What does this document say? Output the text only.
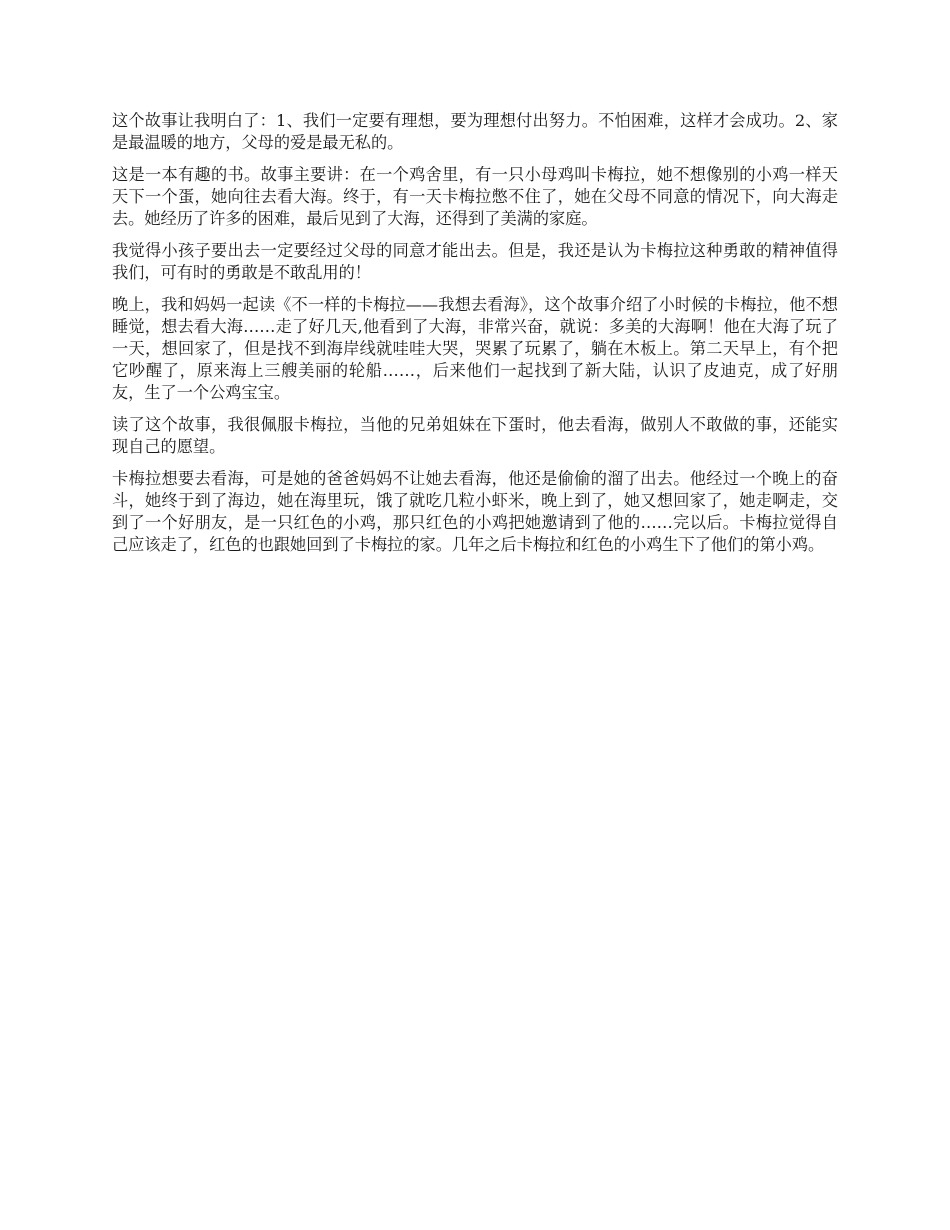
这个故事让我明白了：1、我们一定要有理想，要为理想付出努力。不怕困难，这样才会成功。2、家是最温暖的地方，父母的爱是最无私的。

这是一本有趣的书。故事主要讲：在一个鸡舍里，有一只小母鸡叫卡梅拉，她不想像别的小鸡一样天天下一个蛋，她向往去看大海。终于，有一天卡梅拉憋不住了，她在父母不同意的情况下，向大海走去。她经历了许多的困难，最后见到了大海，还得到了美满的家庭。

我觉得小孩子要出去一定要经过父母的同意才能出去。但是，我还是认为卡梅拉这种勇敢的精神值得我们，可有时的勇敢是不敢乱用的！

晚上，我和妈妈一起读《不一样的卡梅拉——我想去看海》，这个故事介绍了小时候的卡梅拉，他不想睡觉，想去看大海……走了好几天,他看到了大海，非常兴奋，就说：多美的大海啊！他在大海了玩了一天，想回家了，但是找不到海岸线就哇哇大哭，哭累了玩累了，躺在木板上。第二天早上，有个把它吵醒了，原来海上三艘美丽的轮船……，后来他们一起找到了新大陆，认识了皮迪克，成了好朋友，生了一个公鸡宝宝。

读了这个故事，我很佩服卡梅拉，当他的兄弟姐妹在下蛋时，他去看海，做别人不敢做的事，还能实现自己的愿望。

卡梅拉想要去看海，可是她的爸爸妈妈不让她去看海，他还是偷偷的溜了出去。他经过一个晚上的奋斗，她终于到了海边，她在海里玩，饿了就吃几粒小虾米，晚上到了，她又想回家了，她走啊走，交到了一个好朋友，是一只红色的小鸡，那只红色的小鸡把她邀请到了他的……完以后。卡梅拉觉得自己应该走了，红色的也跟她回到了卡梅拉的家。几年之后卡梅拉和红色的小鸡生下了他们的第小鸡。
